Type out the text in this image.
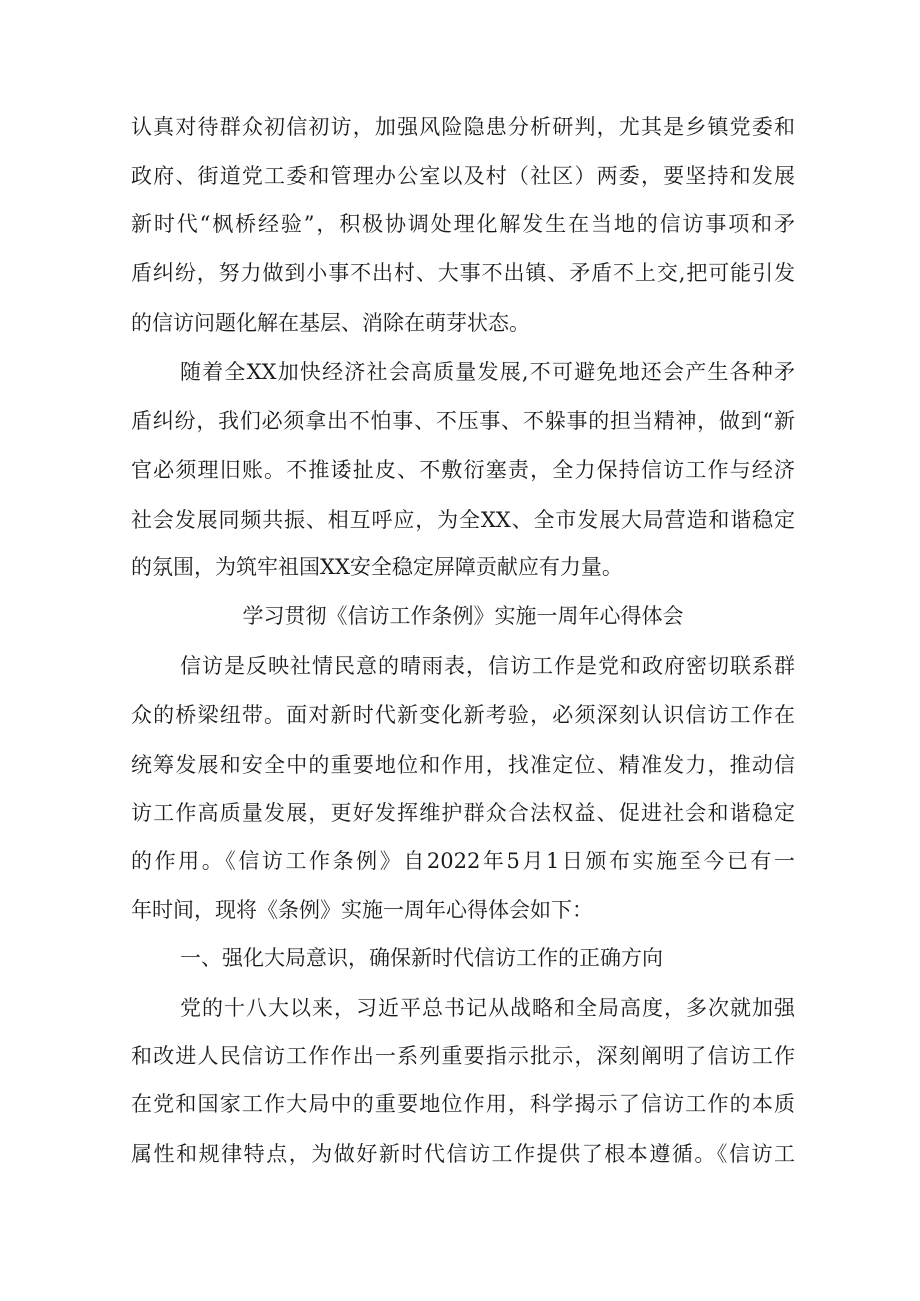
认真对待群众初信初访，加强风险隐患分析研判，尤其是乡镇党委和
政府、街道党工委和管理办公室以及村（社区）两委，要坚持和发展
新时代“枫桥经验”，积极协调处理化解发生在当地的信访事项和矛
盾纠纷，努力做到小事不出村、大事不出镇、矛盾不上交,把可能引发
的信访问题化解在基层、消除在萌芽状态。
随着全XX加快经济社会高质量发展,不可避免地还会产生各种矛
盾纠纷，我们必须拿出不怕事、不压事、不躲事的担当精神，做到“新
官必须理旧账。不推诿扯皮、不敷衍塞责，全力保持信访工作与经济
社会发展同频共振、相互呼应，为全XX、全市发展大局营造和谐稳定
的氛围，为筑牢祖国XX安全稳定屏障贡献应有力量。
学习贯彻《信访工作条例》实施一周年心得体会
信访是反映社情民意的晴雨表，信访工作是党和政府密切联系群
众的桥梁纽带。面对新时代新变化新考验，必须深刻认识信访工作在
统筹发展和安全中的重要地位和作用，找准定位、精准发力，推动信
访工作高质量发展，更好发挥维护群众合法权益、促进社会和谐稳定
的作用。《信访工作条例》自2022年5月1日颁布实施至今已有一
年时间，现将《条例》实施一周年心得体会如下：
一、强化大局意识，确保新时代信访工作的正确方向
党的十八大以来，习近平总书记从战略和全局高度，多次就加强
和改进人民信访工作作出一系列重要指示批示，深刻阐明了信访工作
在党和国家工作大局中的重要地位作用，科学揭示了信访工作的本质
属性和规律特点，为做好新时代信访工作提供了根本遵循。《信访工
